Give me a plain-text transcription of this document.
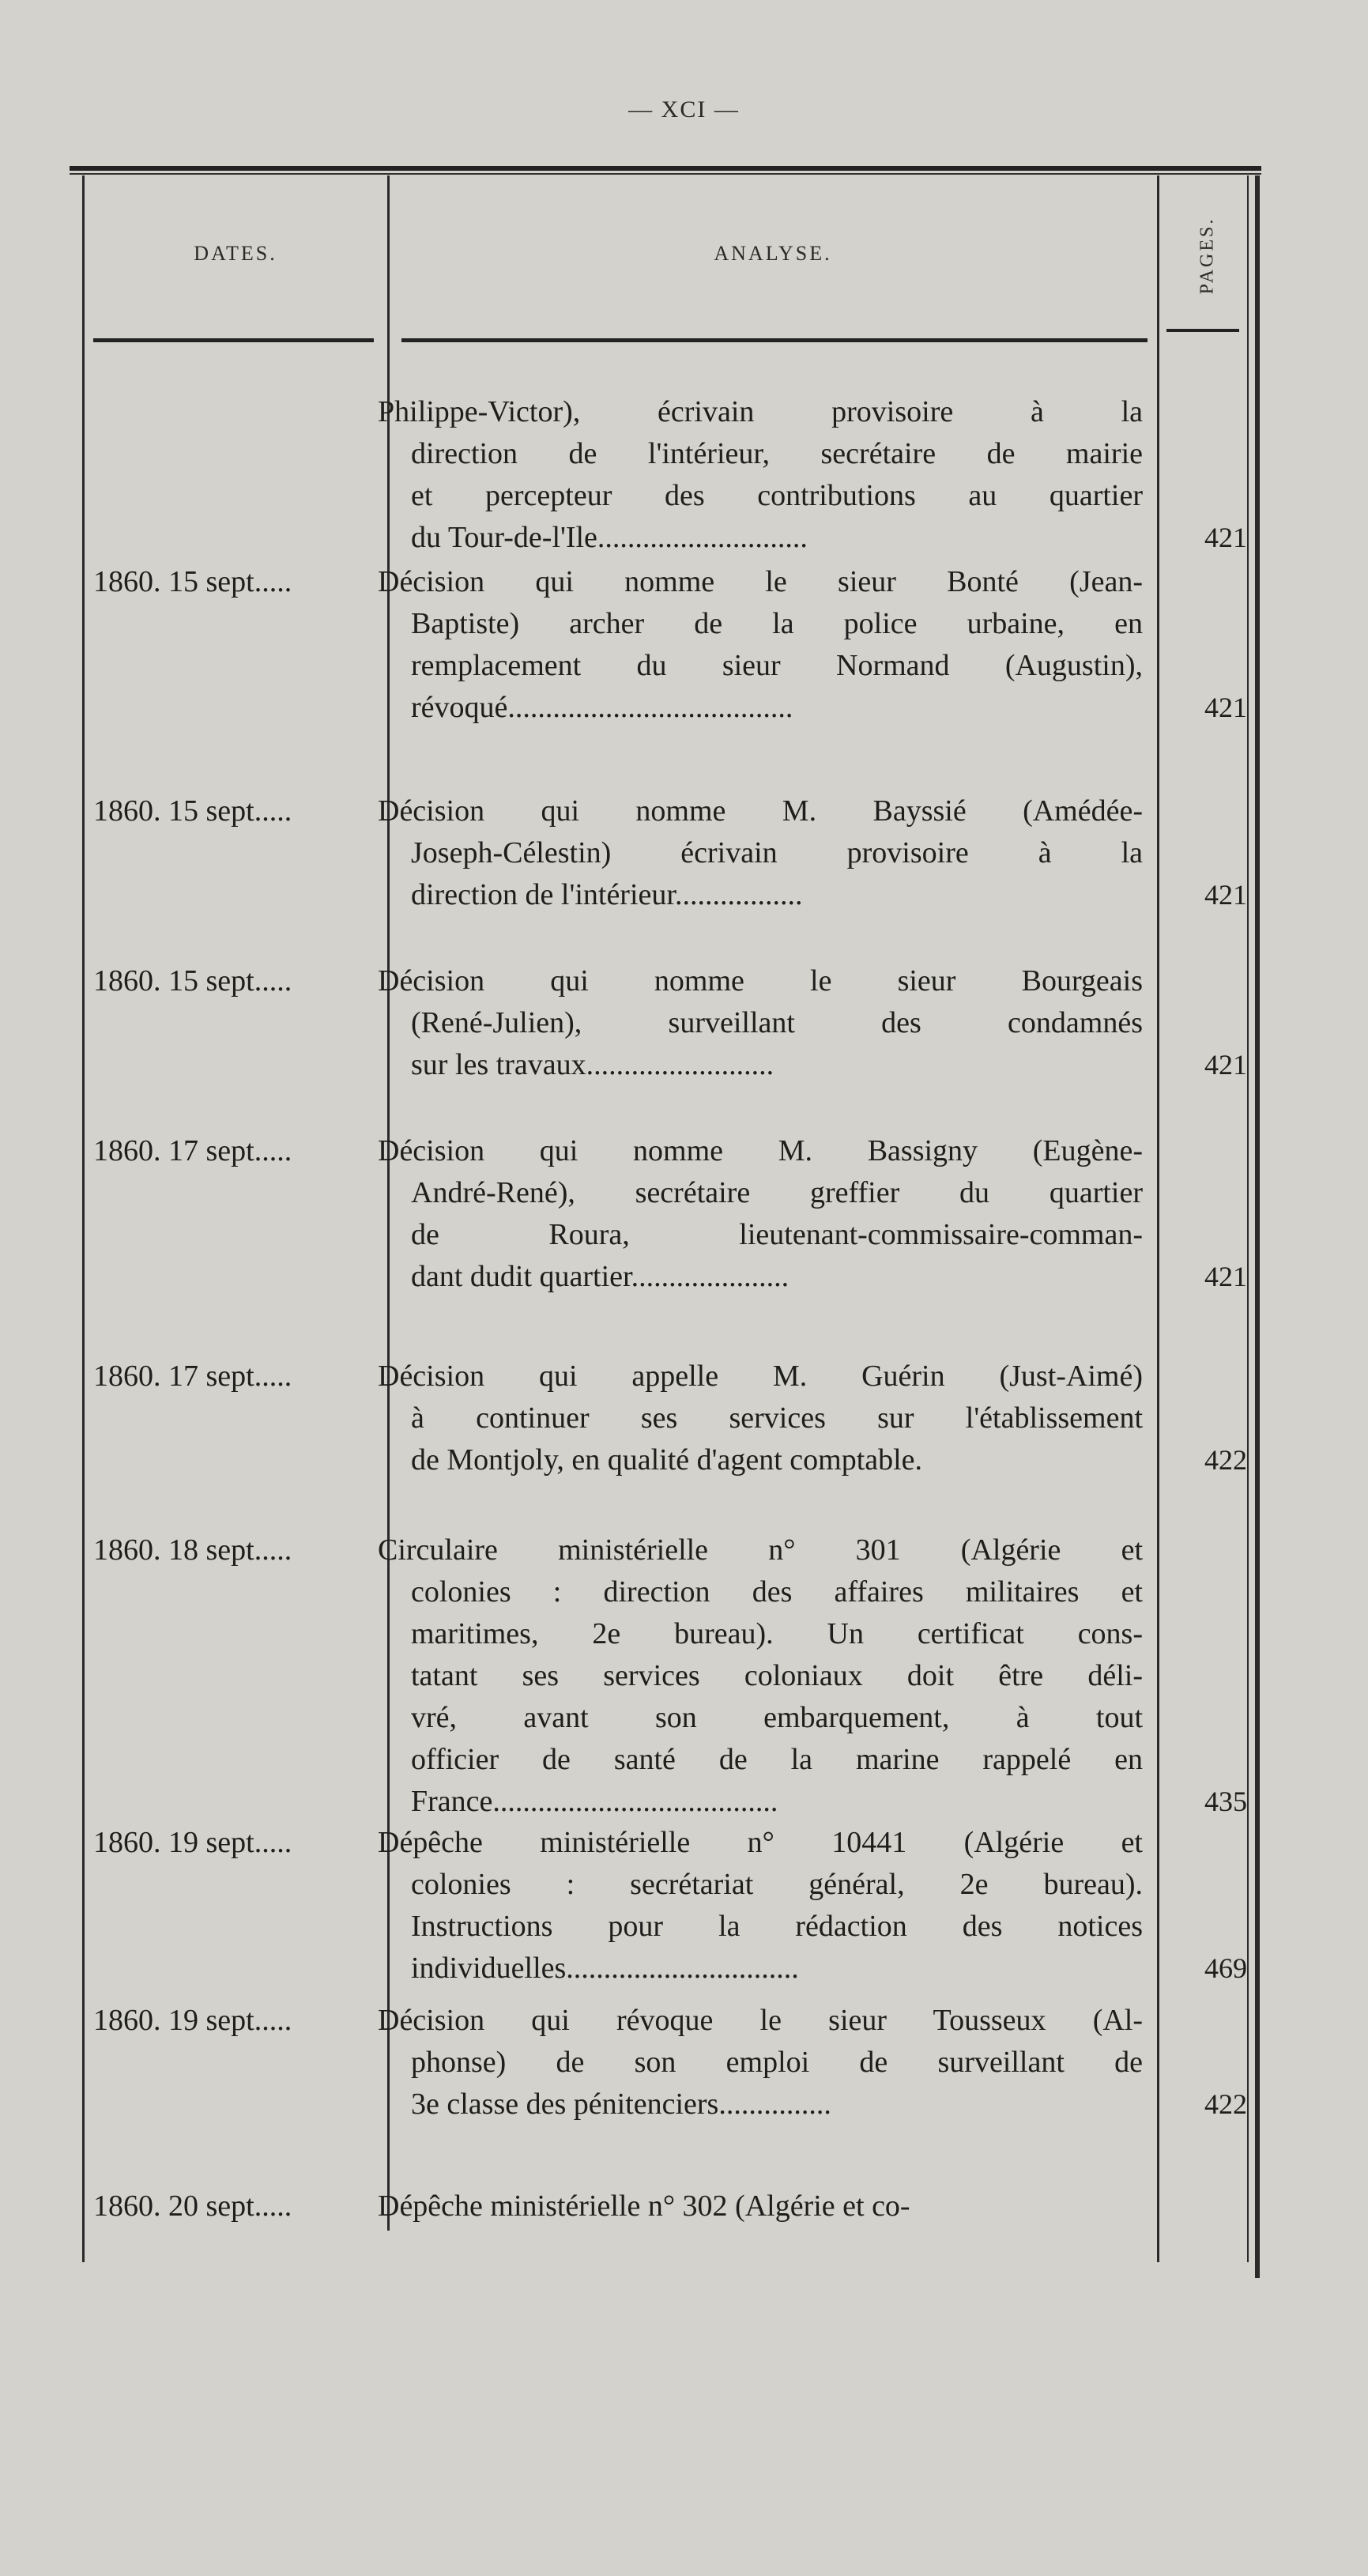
— XCI —
DATES.	ANALYSE.	PAGES.
Philippe-Victor), écrivain provisoire à la
direction de l'intérieur, secrétaire de mairie
et percepteur des contributions au quartier
du Tour-de-l'Ile............................	421
1860. 15 sept.....	Décision qui nomme le sieur Bonté (Jean-
Baptiste) archer de la police urbaine, en
remplacement du sieur Normand (Augustin),
révoqué......................................	421
1860. 15 sept.....	Décision qui nomme M. Bayssié (Amédée-
Joseph-Célestin) écrivain provisoire à la
direction de l'intérieur.................	421
1860. 15 sept.....	Décision qui nomme le sieur Bourgeais
(René-Julien), surveillant des condamnés
sur les travaux.........................	421
1860. 17 sept.....	Décision qui nomme M. Bassigny (Eugène-
André-René), secrétaire greffier du quartier
de Roura, lieutenant-commissaire-comman-
dant dudit quartier.....................	421
1860. 17 sept.....	Décision qui appelle M. Guérin (Just-Aimé)
à continuer ses services sur l'établissement
de Montjoly, en qualité d'agent comptable.	422
1860. 18 sept.....	Circulaire ministérielle n° 301 (Algérie et
colonies : direction des affaires militaires et
maritimes, 2e bureau). Un certificat cons-
tatant ses services coloniaux doit être déli-
vré, avant son embarquement, à tout
officier de santé de la marine rappelé en
France......................................	435
1860. 19 sept.....	Dépêche ministérielle n° 10441 (Algérie et
colonies : secrétariat général, 2e bureau).
Instructions pour la rédaction des notices
individuelles...............................	469
1860. 19 sept.....	Décision qui révoque le sieur Tousseux (Al-
phonse) de son emploi de surveillant de
3e classe des pénitenciers...............	422
1860. 20 sept.....	Dépêche ministérielle n° 302 (Algérie et co-
